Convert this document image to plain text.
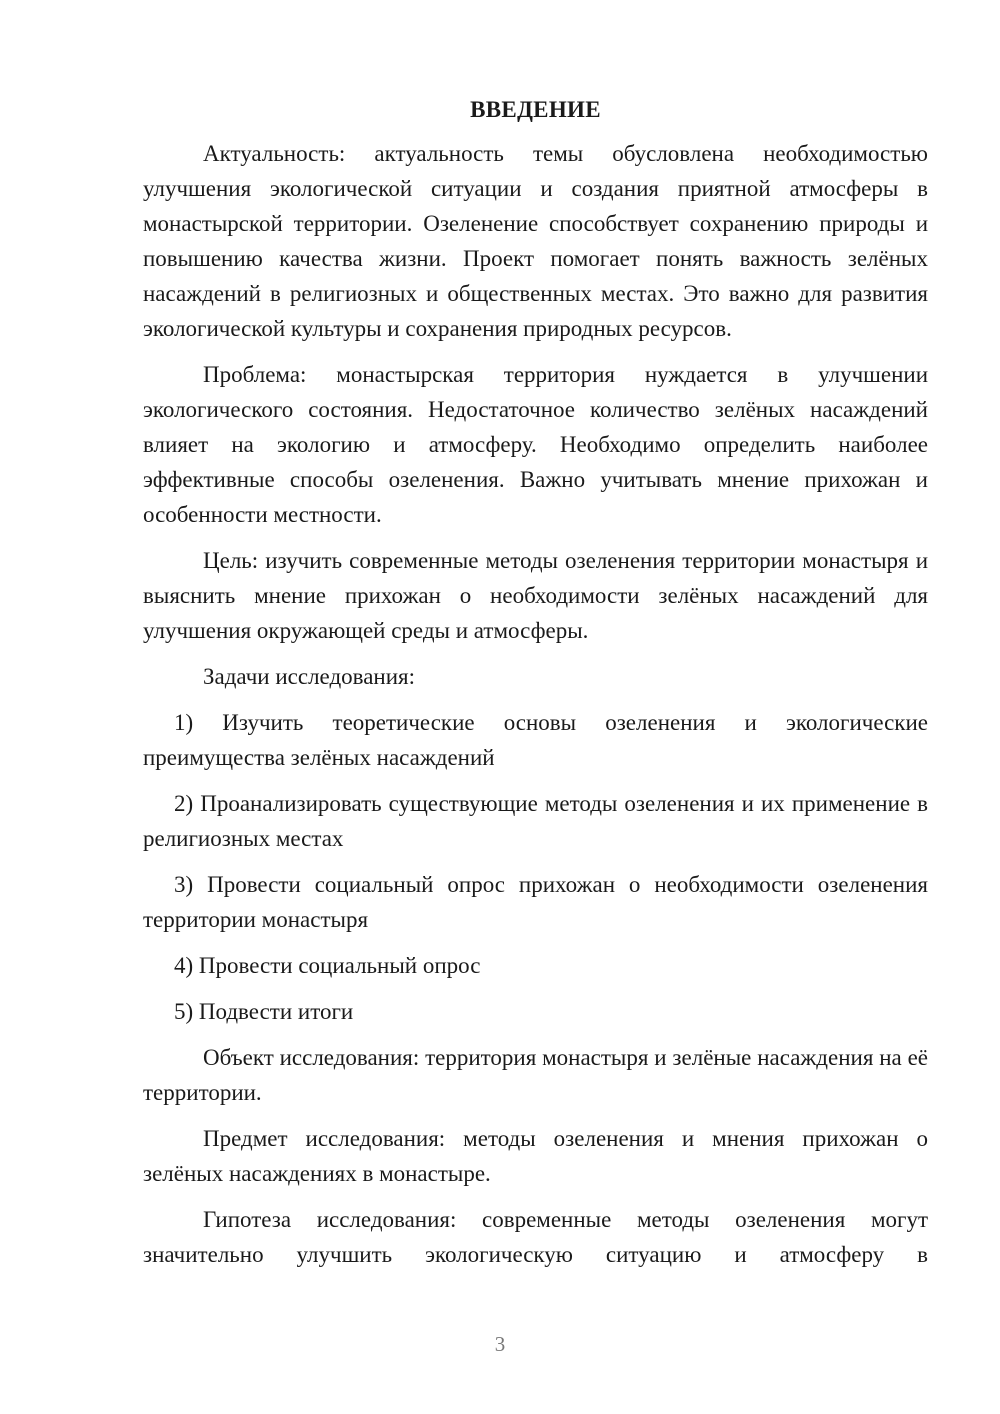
ВВЕДЕНИЕ

Актуальность: актуальность темы обусловлена необходимостью улучшения экологической ситуации и создания приятной атмосферы в монастырской территории. Озеленение способствует сохранению природы и повышению качества жизни. Проект помогает понять важность зелёных насаждений в религиозных и общественных местах. Это важно для развития экологической культуры и сохранения природных ресурсов.

Проблема: монастырская территория нуждается в улучшении экологического состояния. Недостаточное количество зелёных насаждений влияет на экологию и атмосферу. Необходимо определить наиболее эффективные способы озеленения. Важно учитывать мнение прихожан и особенности местности.

Цель: изучить современные методы озеленения территории монастыря и выяснить мнение прихожан о необходимости зелёных насаждений для улучшения окружающей среды и атмосферы.

Задачи исследования:

1) Изучить теоретические основы озеленения и экологические преимущества зелёных насаждений

2) Проанализировать существующие методы озеленения и их применение в религиозных местах

3) Провести социальный опрос прихожан о необходимости озеленения территории монастыря

4) Провести социальный опрос

5) Подвести итоги

Объект исследования: территория монастыря и зелёные насаждения на её территории.

Предмет исследования: методы озеленения и мнения прихожан о зелёных насаждениях в монастыре.

Гипотеза исследования: современные методы озеленения могут значительно улучшить экологическую ситуацию и атмосферу в

3
